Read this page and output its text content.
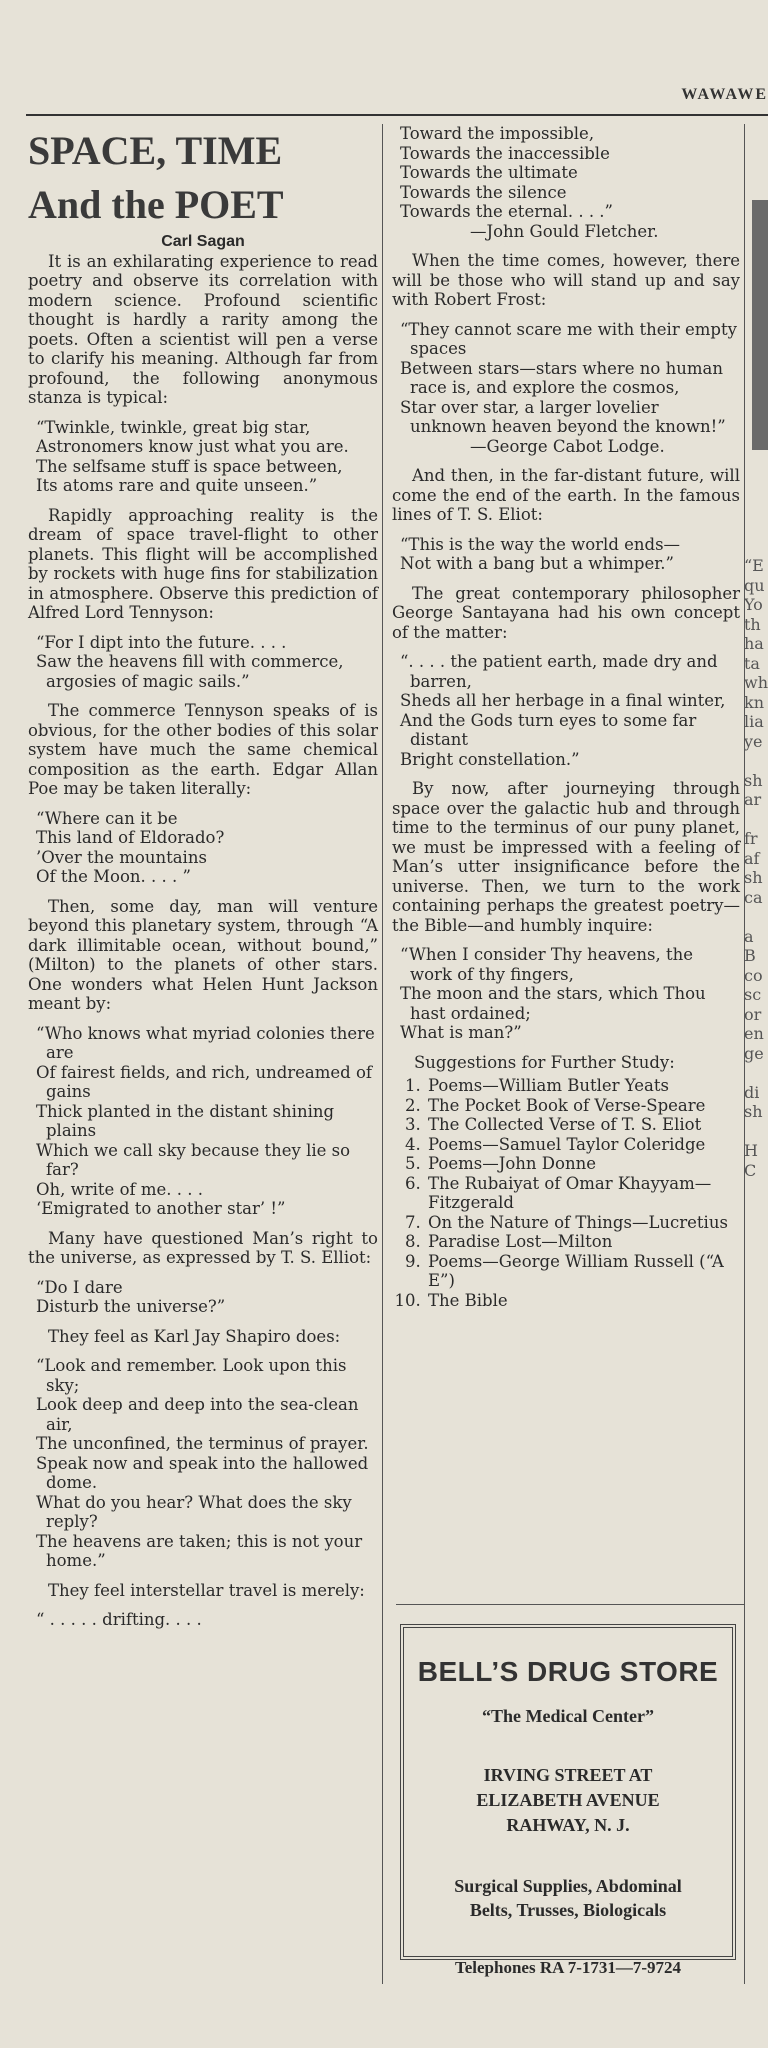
WAWAWE

SPACE, TIME

And the POET

Carl Sagan

It is an exhilarating experience to read poetry and observe its correlation with modern science. Profound scientific thought is hardly a rarity among the poets. Often a scientist will pen a verse to clarify his meaning. Although far from profound, the following anonymous stanza is typical:

“Twinkle, twinkle, great big star,
Astronomers know just what you are.
The selfsame stuff is space between,
Its atoms rare and quite unseen.”

Rapidly approaching reality is the dream of space travel-flight to other planets. This flight will be accomplished by rockets with huge fins for stabilization in atmosphere. Observe this prediction of Alfred Lord Tennyson:

“For I dipt into the future. . . .
Saw the heavens fill with commerce, argosies of magic sails.”

The commerce Tennyson speaks of is obvious, for the other bodies of this solar system have much the same chemical composition as the earth. Edgar Allan Poe may be taken literally:

“Where can it be
This land of Eldorado?
’Over the mountains
Of the Moon. . . . ”

Then, some day, man will venture beyond this planetary system, through “A dark illimitable ocean, without bound,” (Milton) to the planets of other stars. One wonders what Helen Hunt Jackson meant by:

“Who knows what myriad colonies there are
Of fairest fields, and rich, undreamed of gains
Thick planted in the distant shining plains
Which we call sky because they lie so far?
Oh, write of me. . . .
‘Emigrated to another star’ !”

Many have questioned Man’s right to the universe, as expressed by T. S. Elliot:

“Do I dare
Disturb the universe?”

They feel as Karl Jay Shapiro does:

“Look and remember. Look upon this sky;
Look deep and deep into the sea-clean air,
The unconfined, the terminus of prayer.
Speak now and speak into the hallowed dome.
What do you hear? What does the sky reply?
The heavens are taken; this is not your home.”

They feel interstellar travel is merely:

“ . . . . . drifting. . . .
Toward the impossible,
Towards the inaccessible
Towards the ultimate
Towards the silence
Towards the eternal. . . .”
—John Gould Fletcher.

When the time comes, however, there will be those who will stand up and say with Robert Frost:

“They cannot scare me with their empty spaces
Between stars—stars where no human race is, and explore the cosmos,
Star over star, a larger lovelier unknown heaven beyond the known!”
—George Cabot Lodge.

And then, in the far-distant future, will come the end of the earth. In the famous lines of T. S. Eliot:

“This is the way the world ends—
Not with a bang but a whimper.”

The great contemporary philosopher George Santayana had his own concept of the matter:

“. . . . the patient earth, made dry and barren,
Sheds all her herbage in a final winter,
And the Gods turn eyes to some far distant
Bright constellation.”

By now, after journeying through space over the galactic hub and through time to the terminus of our puny planet, we must be impressed with a feeling of Man’s utter insignificance before the universe. Then, we turn to the work containing perhaps the greatest poetry—the Bible—and humbly inquire:

“When I consider Thy heavens, the work of thy fingers,
The moon and the stars, which Thou hast ordained;
What is man?”

Suggestions for Further Study:

1. Poems—William Butler Yeats
2. The Pocket Book of Verse-Speare
3. The Collected Verse of T. S. Eliot
4. Poems—Samuel Taylor Coleridge
5. Poems—John Donne
6. The Rubaiyat of Omar Khayyam—Fitzgerald
7. On the Nature of Things—Lucretius
8. Paradise Lost—Milton
9. Poems—George William Russell (“A E”)
10. The Bible
BELL’S DRUG STORE
“The Medical Center”
IRVING STREET AT
ELIZABETH AVENUE
RAHWAY, N. J.
Surgical Supplies, Abdominal
Belts, Trusses, Biologicals
Telephones RA 7-1731—7-9724
“E
qu
Yo
th
ha
ta
wh
kn
lia
ye
sh
ar
fr
af
sh
ca
a
B
co
sc
or
en
ge
di
sh
H
C
